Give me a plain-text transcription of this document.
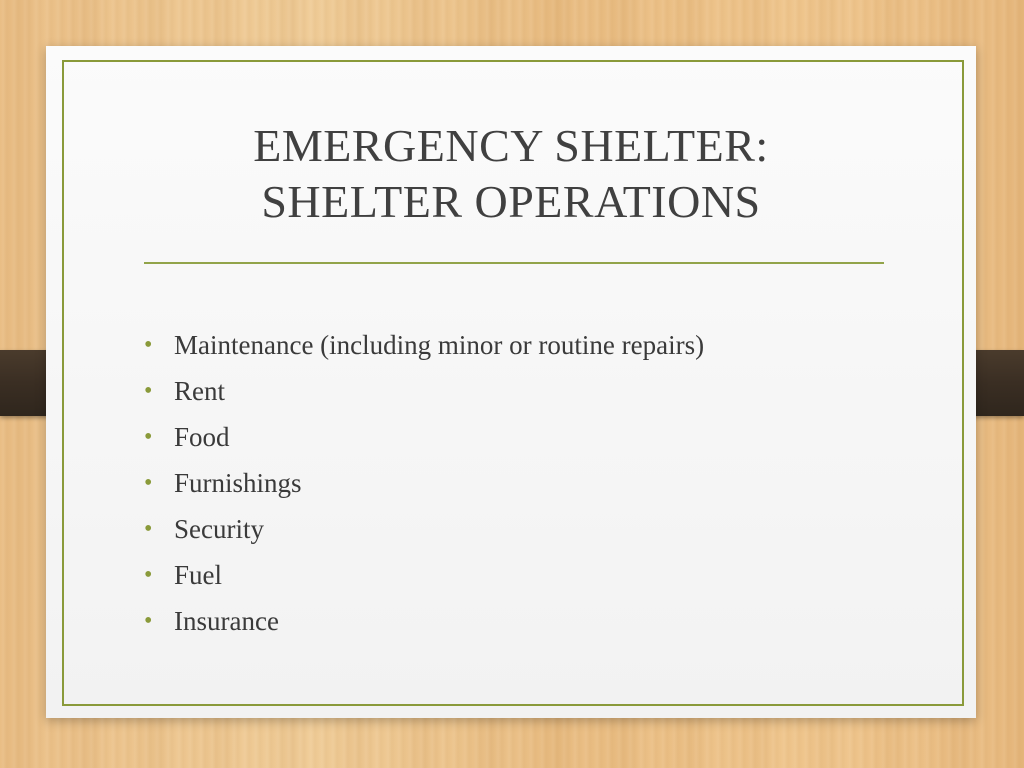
EMERGENCY SHELTER:
SHELTER OPERATIONS
• Maintenance (including minor or routine repairs)
• Rent
• Food
• Furnishings
• Security
• Fuel
• Insurance
